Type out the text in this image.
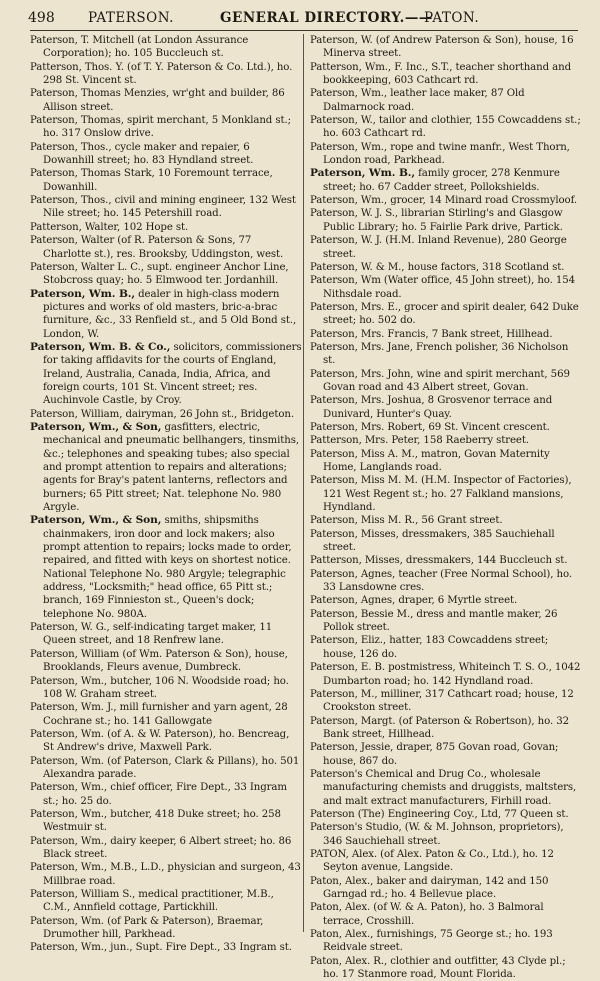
498 PATERSON.	GENERAL DIRECTORY.——
PATON.

Paterson, T. Mitchell (at London Assurance Corporation); ho. 105 Buccleuch st.

Patterson, Thos. Y. (of T. Y. Paterson & Co. Ltd.), ho. 298 St. Vincent st.

Paterson, Thomas Menzies, wr'ght and builder, 86 Allison street.

Paterson, Thomas, spirit merchant, 5 Monkland st.; ho. 317 Onslow drive.

Paterson, Thos., cycle maker and repaier, 6 Dowanhill street; ho. 83 Hyndland street.

Paterson, Thomas Stark, 10 Foremount terrace, Dowanhill.

Paterson, Thos., civil and mining engineer, 132 West Nile street; ho. 145 Petershill road.

Patterson, Walter, 102 Hope st.

Paterson, Walter (of R. Paterson & Sons, 77 Charlotte st.), res. Brooksby, Uddingston, west.

Paterson, Walter L. C., supt. engineer Anchor Line, Stobcross quay; ho. 5 Elmwood ter. Jordanhill.

Paterson, Wm. B., dealer in high-class modern pictures and works of old masters, bric-a-brac furniture, &c., 33 Renfield st., and 5 Old Bond st., London, W.

Paterson, Wm. B. & Co., solicitors, commissioners for taking affidavits for the courts of England, Ireland, Australia, Canada, India, Africa, and foreign courts, 101 St. Vincent street; res. Auchinvole Castle, by Croy.

Paterson, William, dairyman, 26 John st., Bridgeton.

Paterson, Wm., & Son, gasfitters, electric, mechanical and pneumatic bellhangers, tinsmiths, &c.; telephones and speaking tubes; also special and prompt attention to repairs and alterations; agents for Bray's patent lanterns, reflectors and burners; 65 Pitt street; Nat. telephone No. 980 Argyle.

Paterson, Wm., & Son, smiths, shipsmiths chainmakers, iron door and lock makers; also prompt attention to repairs; locks made to order, repaired, and fitted with keys on shortest notice. National Telephone No. 980 Argyle; telegraphic address, "Locksmith;" head office, 65 Pitt st.; branch, 169 Finnieston st., Queen's dock; telephone No. 980A.

Paterson, W. G., self-indicating target maker, 11 Queen street, and 18 Renfrew lane.

Paterson, William (of Wm. Paterson & Son), house, Brooklands, Fleurs avenue, Dumbreck.

Paterson, Wm., butcher, 106 N. Woodside road; ho. 108 W. Graham street.

Paterson, Wm. J., mill furnisher and yarn agent, 28 Cochrane st.; ho. 141 Gallowgate

Paterson, Wm. (of A. & W. Paterson), ho. Bencreag, St Andrew's drive, Maxwell Park.

Paterson, Wm. (of Paterson, Clark & Pillans), ho. 501 Alexandra parade.

Paterson, Wm., chief officer, Fire Dept., 33 Ingram st.; ho. 25 do.

Paterson, Wm., butcher, 418 Duke street; ho. 258 Westmuir st.

Paterson, Wm., dairy keeper, 6 Albert street; ho. 86 Black street.

Paterson, Wm., M.B., L.D., physician and surgeon, 43 Millbrae road.

Paterson, William S., medical practitioner, M.B., C.M., Annfield cottage, Partickhill.

Paterson, Wm. (of Park & Paterson), Braemar, Drumother hill, Parkhead.

Paterson, Wm., jun., Supt. Fire Dept., 33 Ingram st.

Paterson, W. (of Andrew Paterson & Son), house, 16 Minerva street.

Patterson, Wm., F. Inc., S.T., teacher shorthand and bookkeeping, 603 Cathcart rd.

Paterson, Wm., leather lace maker, 87 Old Dalmarnock road.

Paterson, W., tailor and clothier, 155 Cowcaddens st.; ho. 603 Cathcart rd.

Paterson, Wm., rope and twine manfr., West Thorn, London road, Parkhead.

Paterson, Wm. B., family grocer, 278 Kenmure street; ho. 67 Cadder street, Pollokshields.

Paterson, Wm., grocer, 14 Minard road Crossmyloof.

Paterson, W. J. S., librarian Stirling's and Glasgow Public Library; ho. 5 Fairlie Park drive, Partick.

Paterson, W. J. (H.M. Inland Revenue), 280 George street.

Paterson, W. & M., house factors, 318 Scotland st.

Paterson, Wm (Water office, 45 John street), ho. 154 Nithsdale road.

Paterson, Mrs. E., grocer and spirit dealer, 642 Duke street; ho. 502 do.

Paterson, Mrs. Francis, 7 Bank street, Hillhead.

Paterson, Mrs. Jane, French polisher, 36 Nicholson st.

Paterson, Mrs. John, wine and spirit merchant, 569 Govan road and 43 Albert street, Govan.

Paterson, Mrs. Joshua, 8 Grosvenor terrace and Dunivard, Hunter's Quay.

Paterson, Mrs. Robert, 69 St. Vincent crescent.

Patterson, Mrs. Peter, 158 Raeberry street.

Paterson, Miss A. M., matron, Govan Maternity Home, Langlands road.

Paterson, Miss M. M. (H.M. Inspector of Factories), 121 West Regent st.; ho. 27 Falkland mansions, Hyndland.

Paterson, Miss M. R., 56 Grant street.

Paterson, Misses, dressmakers, 385 Sauchiehall street.

Patterson, Misses, dressmakers, 144 Buccleuch st.

Paterson, Agnes, teacher (Free Normal School), ho. 33 Lansdowne cres.

Paterson, Agnes, draper, 6 Myrtle street.

Paterson, Bessie M., dress and mantle maker, 26 Pollok street.

Paterson, Eliz., hatter, 183 Cowcaddens street; house, 126 do.

Paterson, E. B. postmistress, Whiteinch T. S. O., 1042 Dumbarton road; ho. 142 Hyndland road.

Paterson, M., milliner, 317 Cathcart road; house, 12 Crookston street.

Paterson, Margt. (of Paterson & Robertson), ho. 32 Bank street, Hillhead.

Paterson, Jessie, draper, 875 Govan road, Govan; house, 867 do.

Paterson's Chemical and Drug Co., wholesale manufacturing chemists and druggists, maltsters, and malt extract manufacturers, Firhill road.

Paterson (The) Engineering Coy., Ltd, 77 Queen st.

Paterson's Studio, (W. & M. Johnson, proprietors), 346 Sauchiehall street.

PATON, Alex. (of Alex. Paton & Co., Ltd.), ho. 12 Seyton avenue, Langside.

Paton, Alex., baker and dairyman, 142 and 150 Garngad rd.; ho. 4 Bellevue place.

Paton, Alex. (of W. & A. Paton), ho. 3 Balmoral terrace, Crosshill.

Paton, Alex., furnishings, 75 George st.; ho. 193 Reidvale street.

Paton, Alex. R., clothier and outfitter, 43 Clyde pl.; ho. 17 Stanmore road, Mount Florida.
